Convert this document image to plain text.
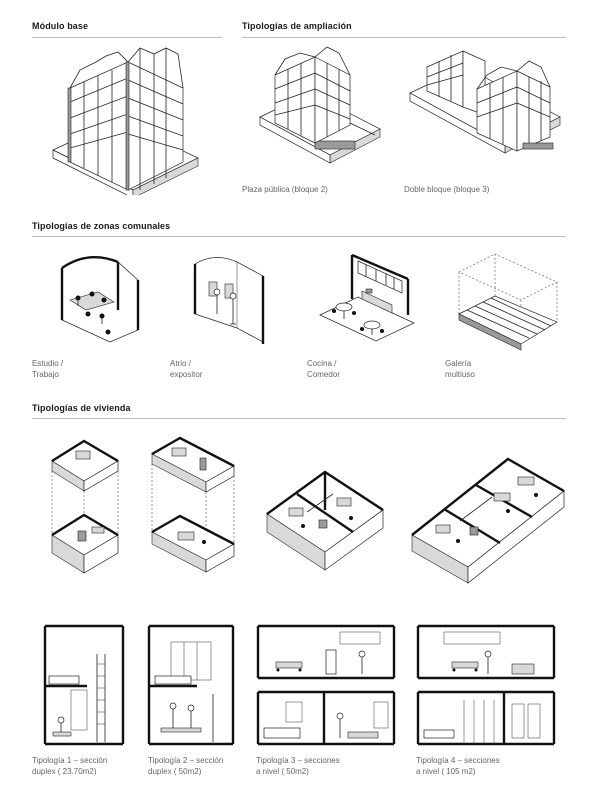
Módulo base	Tipologías de ampliación
Tipologías de zonas comunales
Tipologías de vivienda
Plaza pública (bloque 2)	Doble bloque (bloque 3)
Estudio /
Trabajo
Atrio /
expositor
Cocina /
Comedor
Galería
multiuso
Tipología 1 – sección
duplex ( 23.70m2)
Tipología 2 – sección
duplex ( 50m2)
Tipología 3 – secciones
a nivel ( 50m2)
Tipología 4 – secciones
a nivel ( 105 m2)
